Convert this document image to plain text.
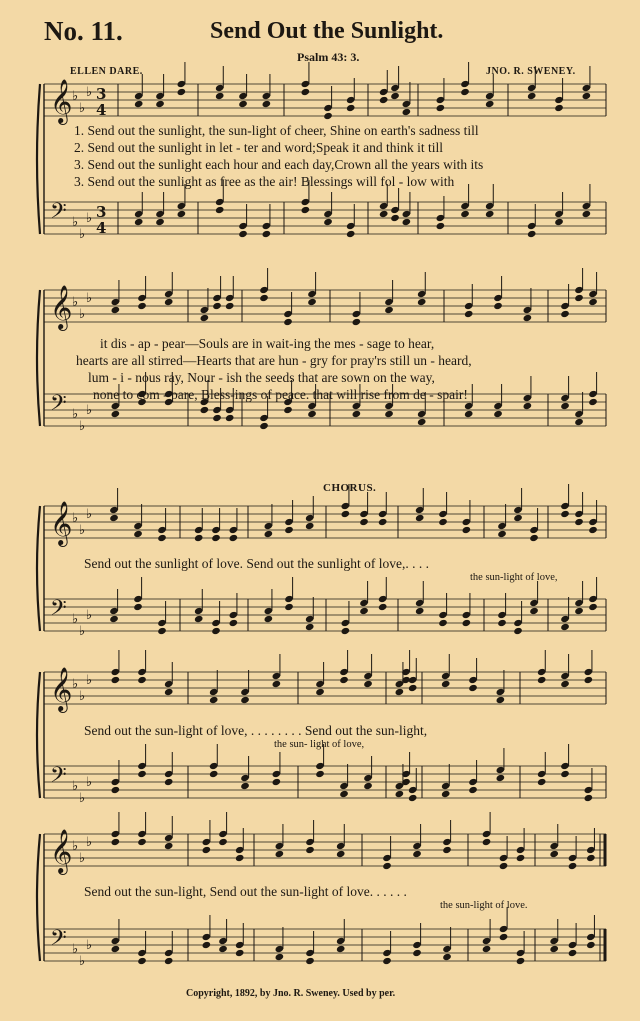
𝄞 ♭
♭
♭ 3
4
𝄢 ♭
♭
♭ 3
4
𝄞 ♭
♭
♭
𝄢 ♭
♭
♭
𝄞 ♭
♭
♭
𝄢 ♭
♭
♭
𝄞 ♭
♭
♭
𝄢 ♭
♭
♭
𝄞 ♭
♭
♭
𝄢 ♭
♭
♭
No. 11.	Send Out the Sunlight.
Psalm 43: 3.
ELLEN DARE.	JNO. R. SWENEY.
1. Send out the sunlight, the sun-light of cheer, Shine on earth's sadness till
2. Send out the sunlight in let - ter and word;Speak it and think it till
3. Send out the sunlight each hour and each day,Crown all the years with its
3. Send out the sunlight as free as the air! Blessings will fol - low with
it dis - ap - pear—Souls are in wait-ing the mes - sage to hear,
hearts are all stirred—Hearts that are hun - gry for pray'rs still un - heard,
lum - i - nous ray, Nour - ish the seeds that are sown on the way,
none to com - pare, Bless-ings of peace. that will rise from de - spair!
CHORUS.
Send out the sunlight of love. Send out the sunlight of love,. . . .
the sun-light of love,
Send out the sun-light of love, . . . . . . . . Send out the sun-light,
the sun- light of love,
Send out the sun-light, Send out the sun-light of love. . . . . .
the sun-light of love.
Copyright, 1892, by Jno. R. Sweney. Used by per.
